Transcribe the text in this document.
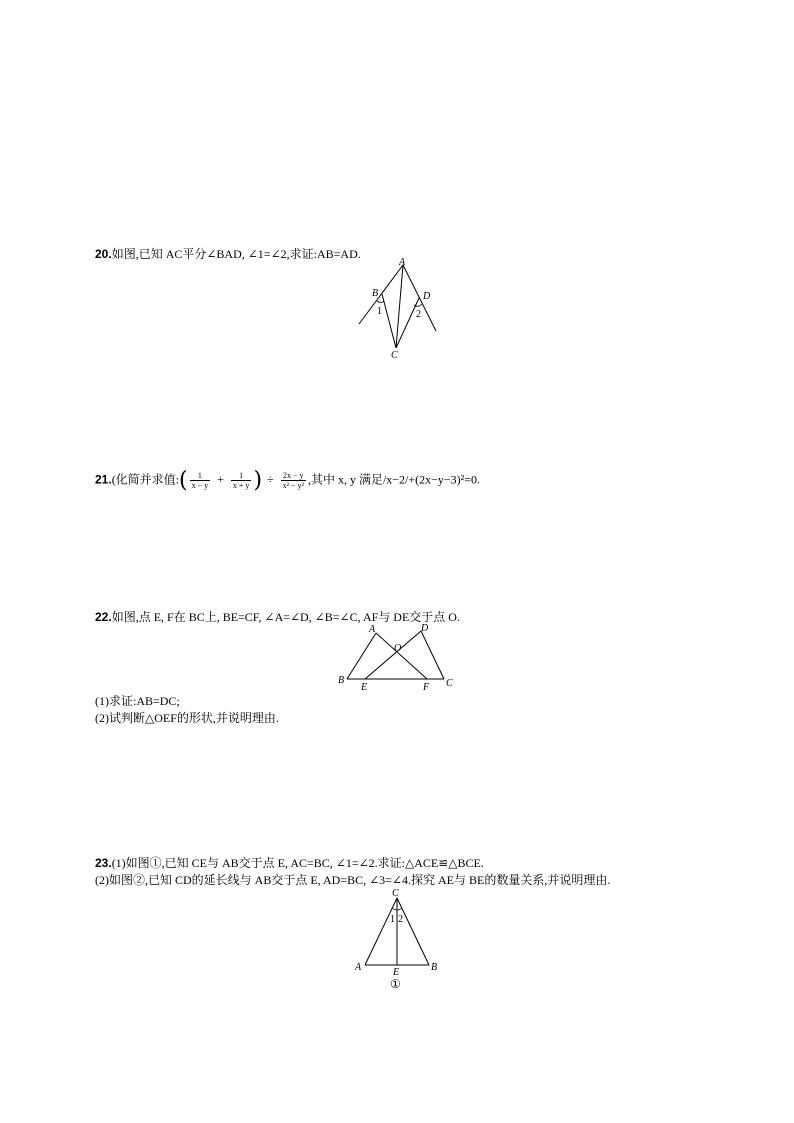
20.如图,已知 AC平分∠BAD, ∠1=∠2,求证:AB=AD.
A
B	D
C
1	2
21.(化简并求值:( $\frac{1}{x - y} + \frac{1}{x + y}$ ) ÷ $\frac{2x - y}{\text{x² − y²}}$ ,其中 x, y 满足/x−2/+(2x−y−3)²=0.
22.如图,点 E, F在 BC上, BE=CF, ∠A=∠D, ∠B=∠C, AF与 DE交于点 O.
A	D
O
B
E	F C
(1)求证:AB=DC;
(2)试判断△OEF的形状,并说明理由.
23.(1)如图①,已知 CE与 AB交于点 E, AC=BC, ∠1=∠2.求证:△ACE≌△BCE.
(2)如图②,已知 CD的延长线与 AB交于点 E, AD=BC, ∠3=∠4.探究 AE与 BE的数量关系,并说明理由.
C
1 2
A	E	B
①
